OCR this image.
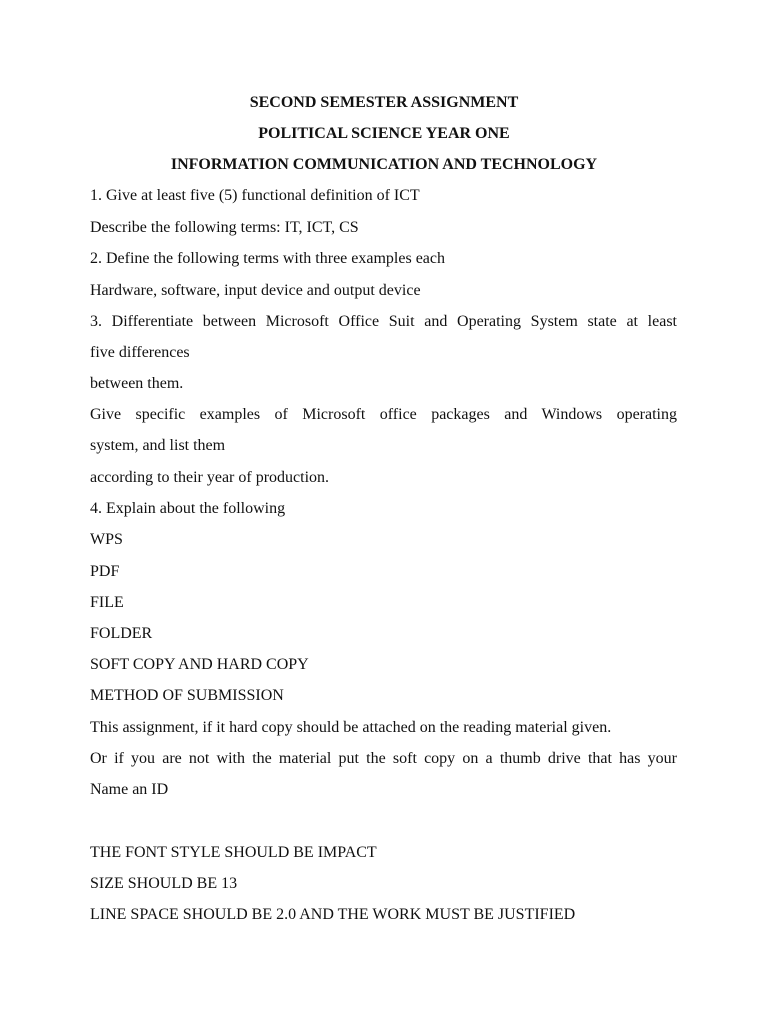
SECOND SEMESTER ASSIGNMENT
POLITICAL SCIENCE YEAR ONE
INFORMATION COMMUNICATION AND TECHNOLOGY
1. Give at least five (5) functional definition of ICT
Describe the following terms: IT, ICT, CS
2. Define the following terms with three examples each
Hardware, software, input device and output device
3. Differentiate between Microsoft Office Suit and Operating System state at least
five differences
between them.
Give specific examples of Microsoft office packages and Windows operating
system, and list them
according to their year of production.
4. Explain about the following
WPS
PDF
FILE
FOLDER
SOFT COPY AND HARD COPY
METHOD OF SUBMISSION
This assignment, if it hard copy should be attached on the reading material given.
Or if you are not with the material put the soft copy on a thumb drive that has your
Name an ID
THE FONT STYLE SHOULD BE IMPACT
SIZE SHOULD BE 13
LINE SPACE SHOULD BE 2.0 AND THE WORK MUST BE JUSTIFIED
